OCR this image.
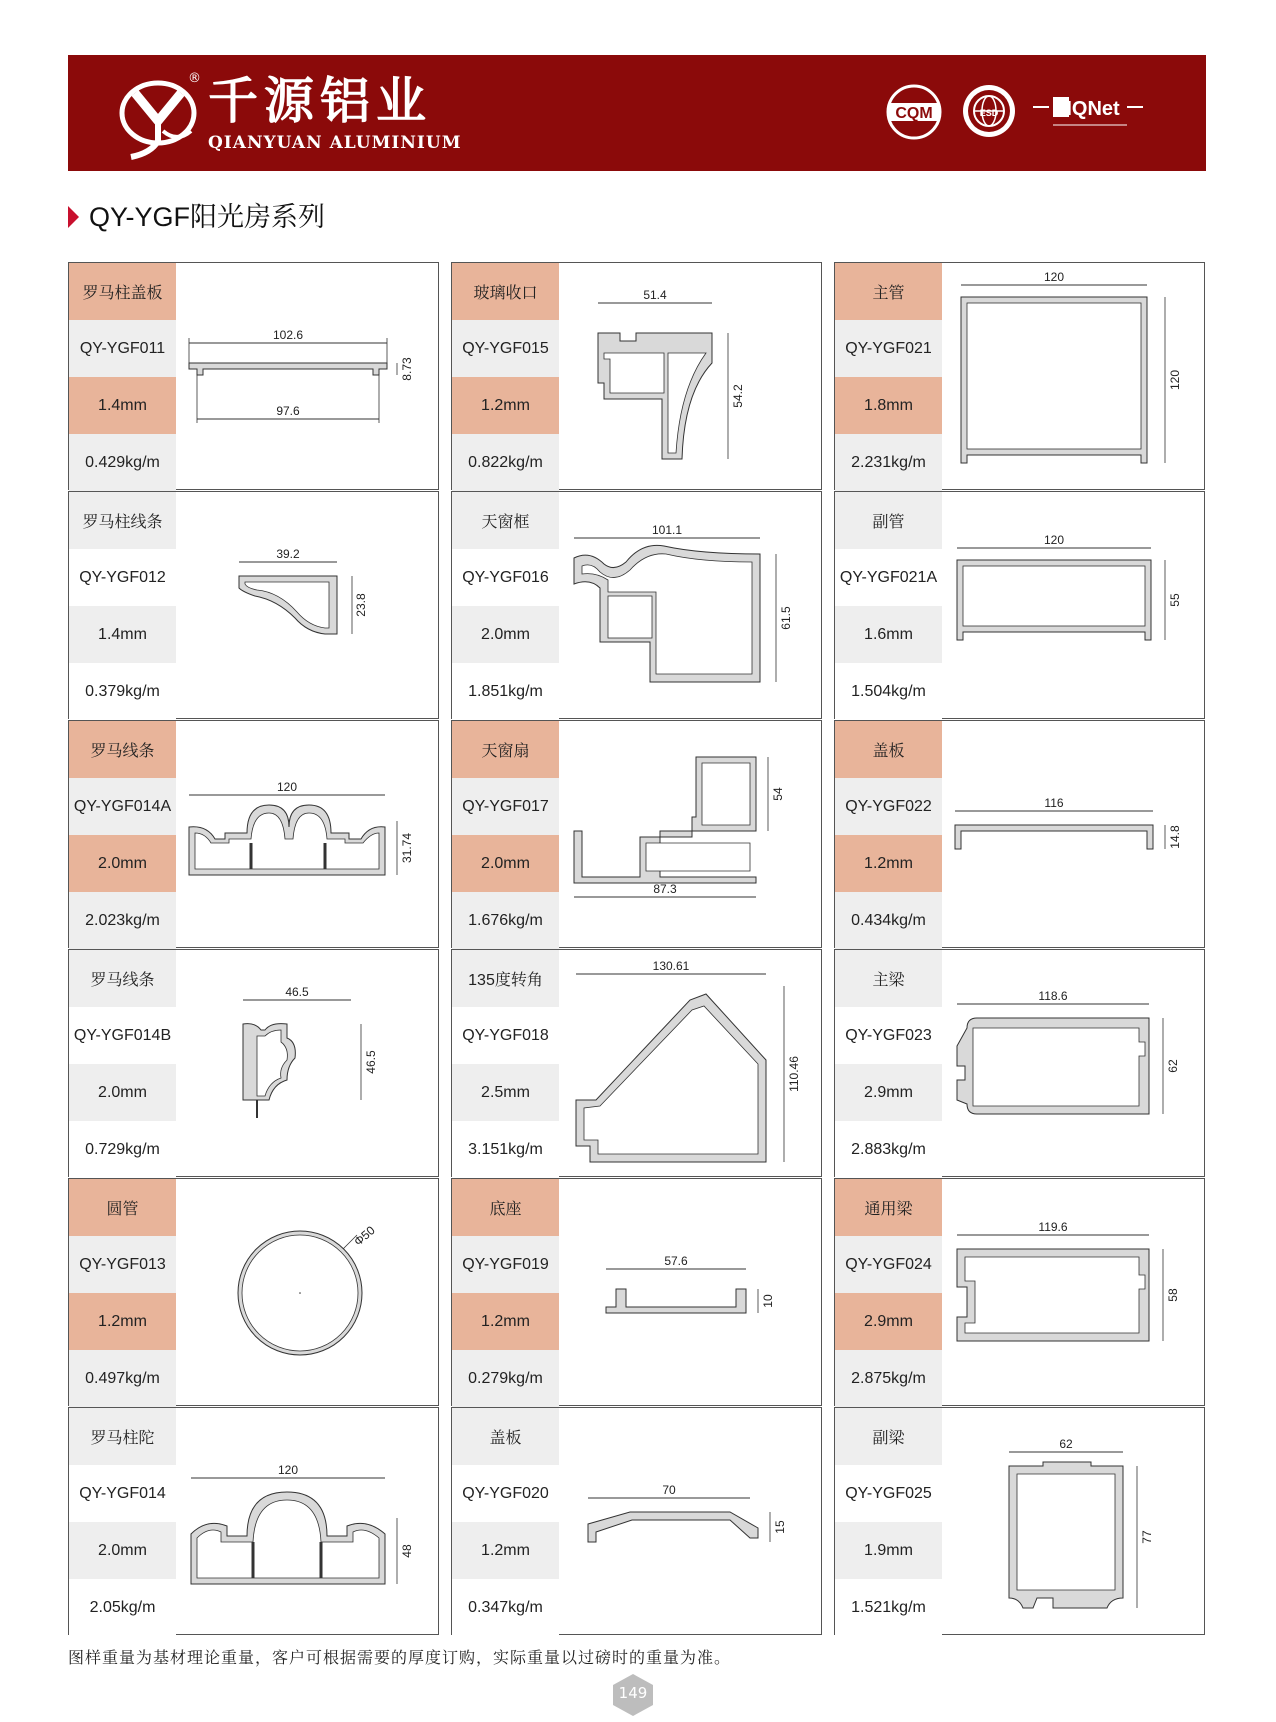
® 千源铝业
QIANYUAN ALUMINIUM
CQM	ESD	IQNet
QY-YGF阳光房系列
罗马柱盖板
QY-YGF011
1.4mm
0.429kg/m
102.6
8.73
97.6
罗马柱线条
QY-YGF012
1.4mm
0.379kg/m
39.2
23.8
罗马线条
QY-YGF014A
2.0mm
2.023kg/m
120
31.74
罗马线条
QY-YGF014B
2.0mm
0.729kg/m
46.5
46.5
圆管
QY-YGF013
1.2mm
0.497kg/m
Φ50
罗马柱陀
QY-YGF014
2.0mm
2.05kg/m
120
48
玻璃收口
QY-YGF015
1.2mm
0.822kg/m
51.4
54.2
天窗框
QY-YGF016
2.0mm
1.851kg/m
101.1
61.5
天窗扇
QY-YGF017
2.0mm
1.676kg/m
54
87.3
135度转角
QY-YGF018
2.5mm
3.151kg/m
130.61
110.46
底座
QY-YGF019
1.2mm
0.279kg/m
57.6
10
盖板
QY-YGF020
1.2mm
0.347kg/m
70
15
主管
QY-YGF021
1.8mm
2.231kg/m
120
120
副管
QY-YGF021A
1.6mm
1.504kg/m
120
55
盖板
QY-YGF022
1.2mm
0.434kg/m
116
14.8
主梁
QY-YGF023
2.9mm
2.883kg/m
118.6
62
通用梁
QY-YGF024
2.9mm
2.875kg/m
119.6
58
副梁
QY-YGF025
1.9mm
1.521kg/m
62
77
图样重量为基材理论重量，客户可根据需要的厚度订购，实际重量以过磅时的重量为准。
149
